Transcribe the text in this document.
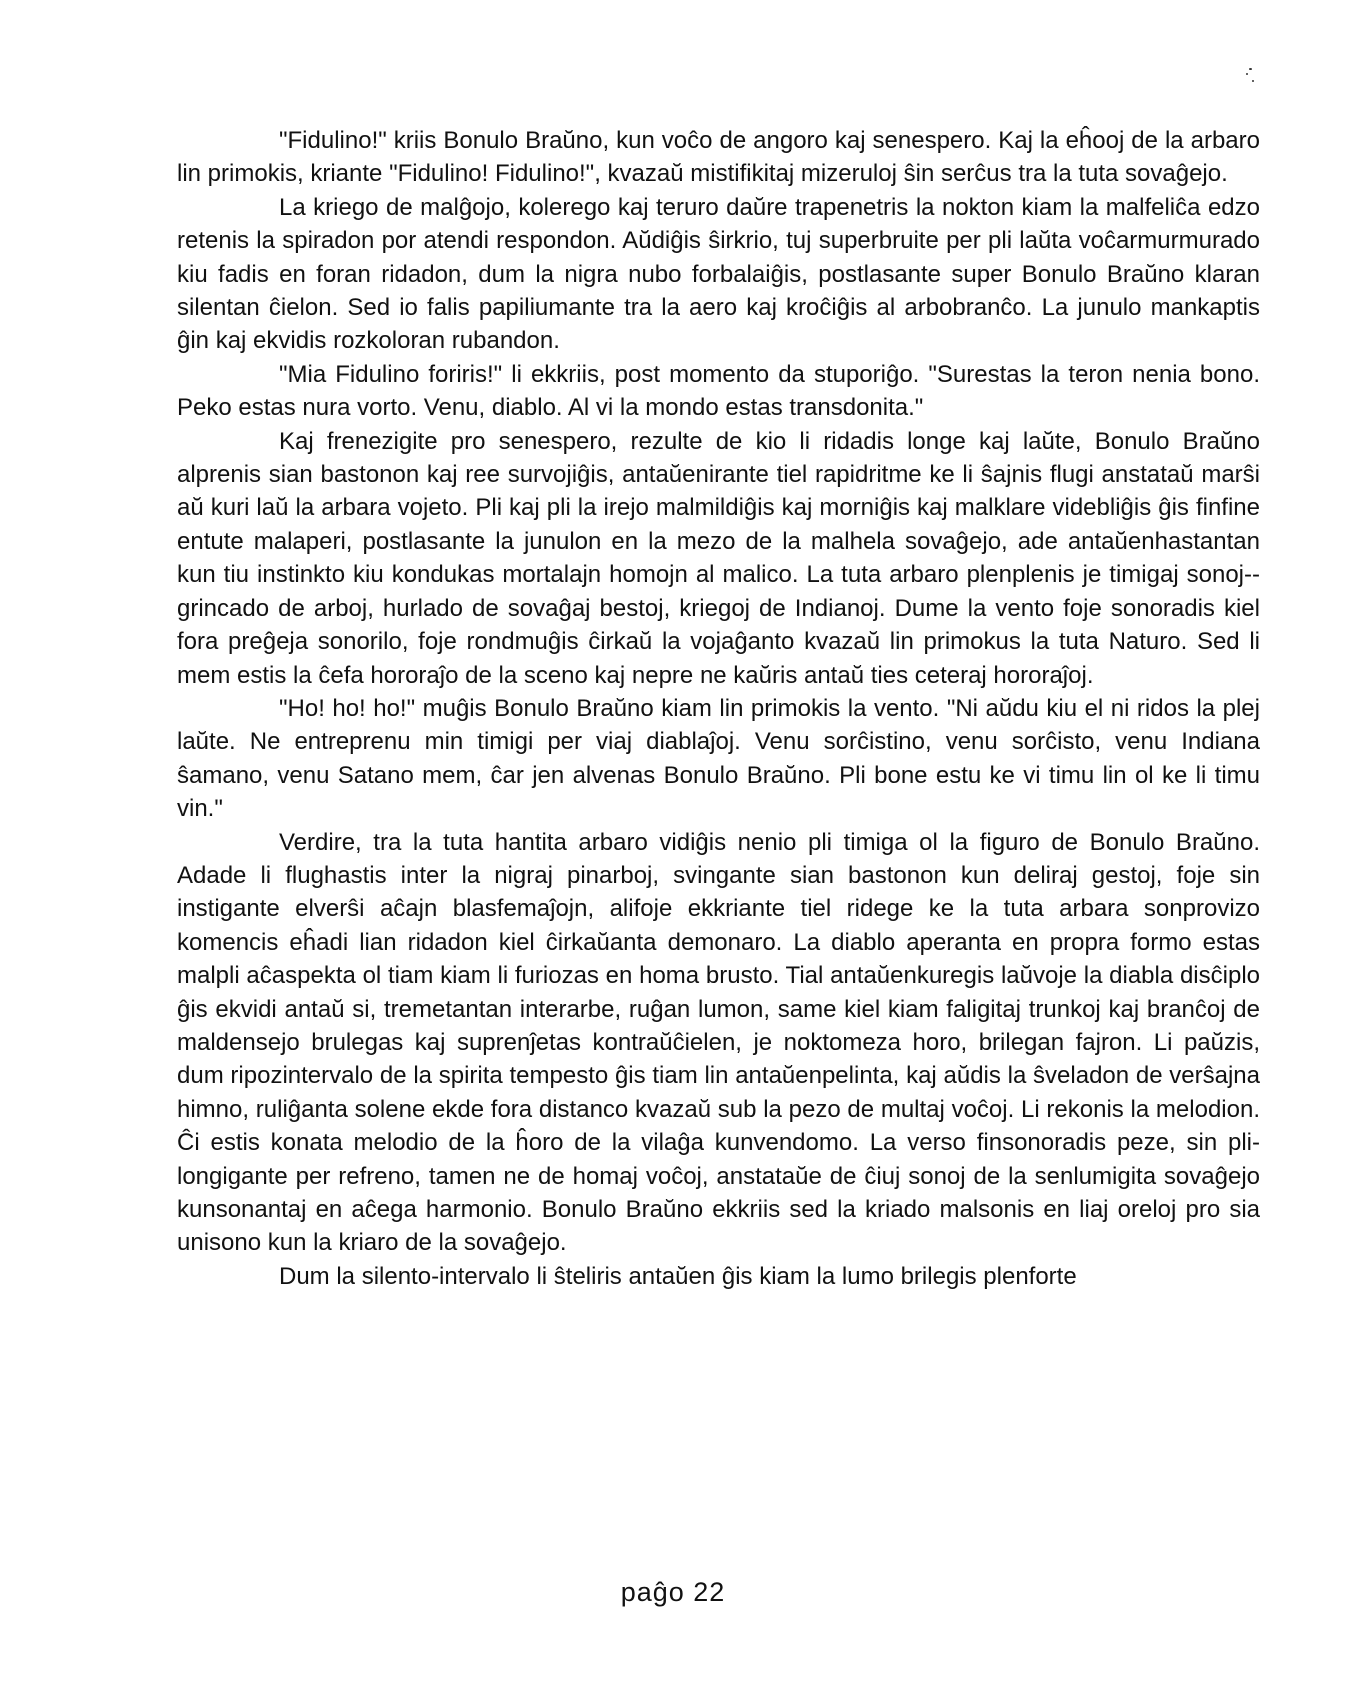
"Fidulino!" kriis Bonulo Braŭno, kun voĉo de angoro kaj senespero. Kaj la eĥooj de la arbaro lin primokis, kriante "Fidulino! Fidulino!", kvazaŭ mistifikitaj mizeruloj ŝin serĉus tra la tuta sovaĝejo.

La kriego de malĝojo, kolerego kaj teruro daŭre trapenetris la nokton kiam la malfeliĉa edzo retenis la spiradon por atendi respondon. Aŭdiĝis ŝirkrio, tuj superbruite per pli laŭta voĉarmurmurado kiu fadis en foran ridadon, dum la nigra nubo forbalaiĝis, postlasante super Bonulo Braŭno klaran silentan ĉielon. Sed io falis papiliumante tra la aero kaj kroĉiĝis al arbobranĉo. La junulo mankaptis ĝin kaj ekvidis rozkoloran rubandon.

"Mia Fidulino foriris!" li ekkriis, post momento da stuporiĝo. "Surestas la teron nenia bono. Peko estas nura vorto. Venu, diablo. Al vi la mondo estas transdonita."

Kaj frenezigite pro senespero, rezulte de kio li ridadis longe kaj laŭte, Bonulo Braŭno alprenis sian bastonon kaj ree survojiĝis, antaŭenirante tiel rapidritme ke li ŝajnis flugi anstataŭ marŝi aŭ kuri laŭ la arbara vojeto. Pli kaj pli la irejo malmildiĝis kaj morniĝis kaj malklare videbliĝis ĝis finfine entute malaperi, postlasante la junulon en la mezo de la malhela sovaĝejo, ade antaŭenhastantan kun tiu instinkto kiu kondukas mortalajn homojn al malico. La tuta arbaro plenplenis je timigaj sonoj-- grincado de arboj, hurlado de sovaĝaj bestoj, kriegoj de Indianoj. Dume la vento foje sonoradis kiel fora preĝeja sonorilo, foje rondmuĝis ĉirkaŭ la vojaĝanto kvazaŭ lin primokus la tuta Naturo. Sed li mem estis la ĉefa hororaĵo de la sceno kaj nepre ne kaŭris antaŭ ties ceteraj hororaĵoj.

"Ho! ho! ho!" muĝis Bonulo Braŭno kiam lin primokis la vento. "Ni aŭdu kiu el ni ridos la plej laŭte. Ne entreprenu min timigi per viaj diablaĵoj. Venu sorĉistino, venu sorĉisto, venu Indiana ŝamano, venu Satano mem, ĉar jen alvenas Bonulo Braŭno. Pli bone estu ke vi timu lin ol ke li timu vin."

Verdire, tra la tuta hantita arbaro vidiĝis nenio pli timiga ol la figuro de Bonulo Braŭno. Adade li flughastis inter la nigraj pinarboj, svingante sian bastonon kun deliraj gestoj, foje sin instigante elverŝi aĉajn blasfemaĵojn, alifoje ekkriante tiel ridege ke la tuta arbara sonprovizo komencis eĥadi lian ridadon kiel ĉirkaŭanta demonaro. La diablo aperanta en propra formo estas malpli aĉaspekta ol tiam kiam li furiozas en homa brusto. Tial antaŭenkuregis laŭvoje la diabla disĉiplo ĝis ekvidi antaŭ si, tremetantan interarbe, ruĝan lumon, same kiel kiam faligitaj trunkoj kaj branĉoj de maldensejo brulegas kaj suprenĵetas kontraŭĉielen, je noktomeza horo, brilegan fajron. Li paŭzis, dum ripozintervalo de la spirita tempesto ĝis tiam lin antaŭenpelinta, kaj aŭdis la ŝveladon de verŝajna himno, ruliĝanta solene ekde fora distanco kvazaŭ sub la pezo de multaj voĉoj. Li rekonis la melodion. Ĉi estis konata melodio de la ĥoro de la vilaĝa kunvendomo. La verso finsonoradis peze, sin plilongigante per refreno, tamen ne de homaj voĉoj, anstataŭe de ĉiuj sonoj de la senlumigita sovaĝejo kunsonantaj en aĉega harmonio. Bonulo Braŭno ekkriis sed la kriado malsonis en liaj oreloj pro sia unisono kun la kriaro de la sovaĝejo.

Dum la silento-intervalo li ŝteliris antaŭen ĝis kiam la lumo brilegis plenforte

paĝo 22
